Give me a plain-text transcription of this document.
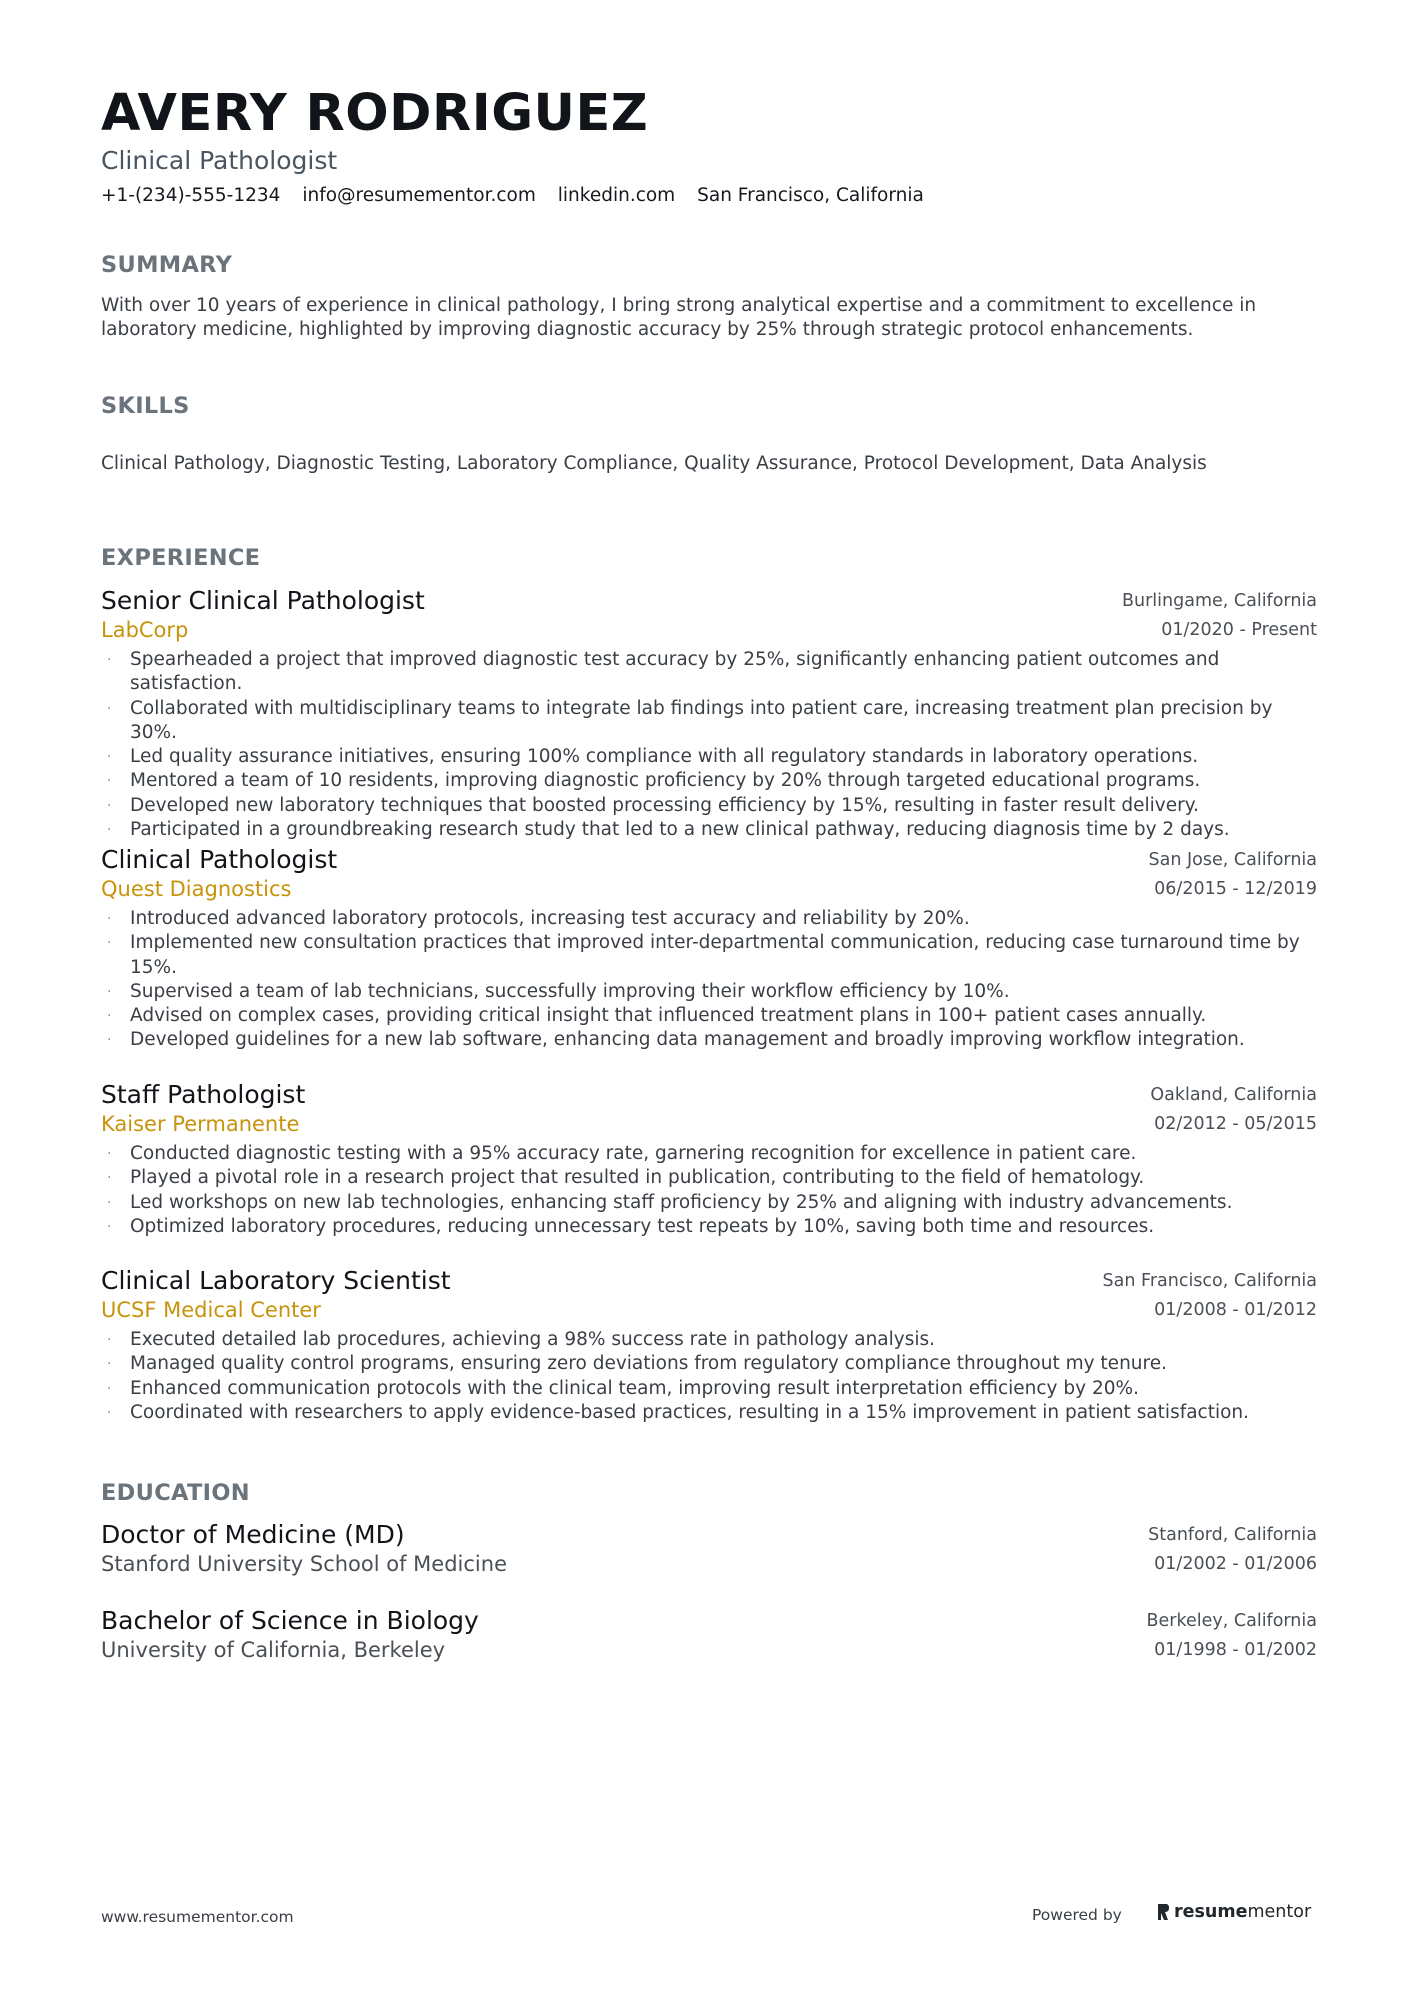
AVERY RODRIGUEZ
Clinical Pathologist
+1-(234)-555-1234 info@resumementor.com linkedin.com San Francisco, California
SUMMARY

With over 10 years of experience in clinical pathology, I bring strong analytical expertise and a commitment to excellence in laboratory medicine, highlighted by improving diagnostic accuracy by 25% through strategic protocol enhancements.

SKILLS

Clinical Pathology, Diagnostic Testing, Laboratory Compliance, Quality Assurance, Protocol Development, Data Analysis

EXPERIENCE
Senior Clinical Pathologist	Burlingame, California
LabCorp	01/2020 - Present
· Spearheaded a project that improved diagnostic test accuracy by 25%, significantly enhancing patient outcomes and satisfaction.
· Collaborated with multidisciplinary teams to integrate lab findings into patient care, increasing treatment plan precision by 30%.
· Led quality assurance initiatives, ensuring 100% compliance with all regulatory standards in laboratory operations.
· Mentored a team of 10 residents, improving diagnostic proficiency by 20% through targeted educational programs.
· Developed new laboratory techniques that boosted processing efficiency by 15%, resulting in faster result delivery.
· Participated in a groundbreaking research study that led to a new clinical pathway, reducing diagnosis time by 2 days.
Clinical Pathologist	San Jose, California
Quest Diagnostics	06/2015 - 12/2019
· Introduced advanced laboratory protocols, increasing test accuracy and reliability by 20%.
· Implemented new consultation practices that improved inter-departmental communication, reducing case turnaround time by 15%.
· Supervised a team of lab technicians, successfully improving their workflow efficiency by 10%.
· Advised on complex cases, providing critical insight that influenced treatment plans in 100+ patient cases annually.
· Developed guidelines for a new lab software, enhancing data management and broadly improving workflow integration.
Staff Pathologist	Oakland, California
Kaiser Permanente	02/2012 - 05/2015
· Conducted diagnostic testing with a 95% accuracy rate, garnering recognition for excellence in patient care.
· Played a pivotal role in a research project that resulted in publication, contributing to the field of hematology.
· Led workshops on new lab technologies, enhancing staff proficiency by 25% and aligning with industry advancements.
· Optimized laboratory procedures, reducing unnecessary test repeats by 10%, saving both time and resources.
Clinical Laboratory Scientist	San Francisco, California
UCSF Medical Center	01/2008 - 01/2012
· Executed detailed lab procedures, achieving a 98% success rate in pathology analysis.
· Managed quality control programs, ensuring zero deviations from regulatory compliance throughout my tenure.
· Enhanced communication protocols with the clinical team, improving result interpretation efficiency by 20%.
· Coordinated with researchers to apply evidence-based practices, resulting in a 15% improvement in patient satisfaction.
EDUCATION
Doctor of Medicine (MD)	Stanford, California
Stanford University School of Medicine	01/2002 - 01/2006
Bachelor of Science in Biology	Berkeley, California
University of California, Berkeley	01/1998 - 01/2002
www.resumementor.com	Powered by	resume mentor
